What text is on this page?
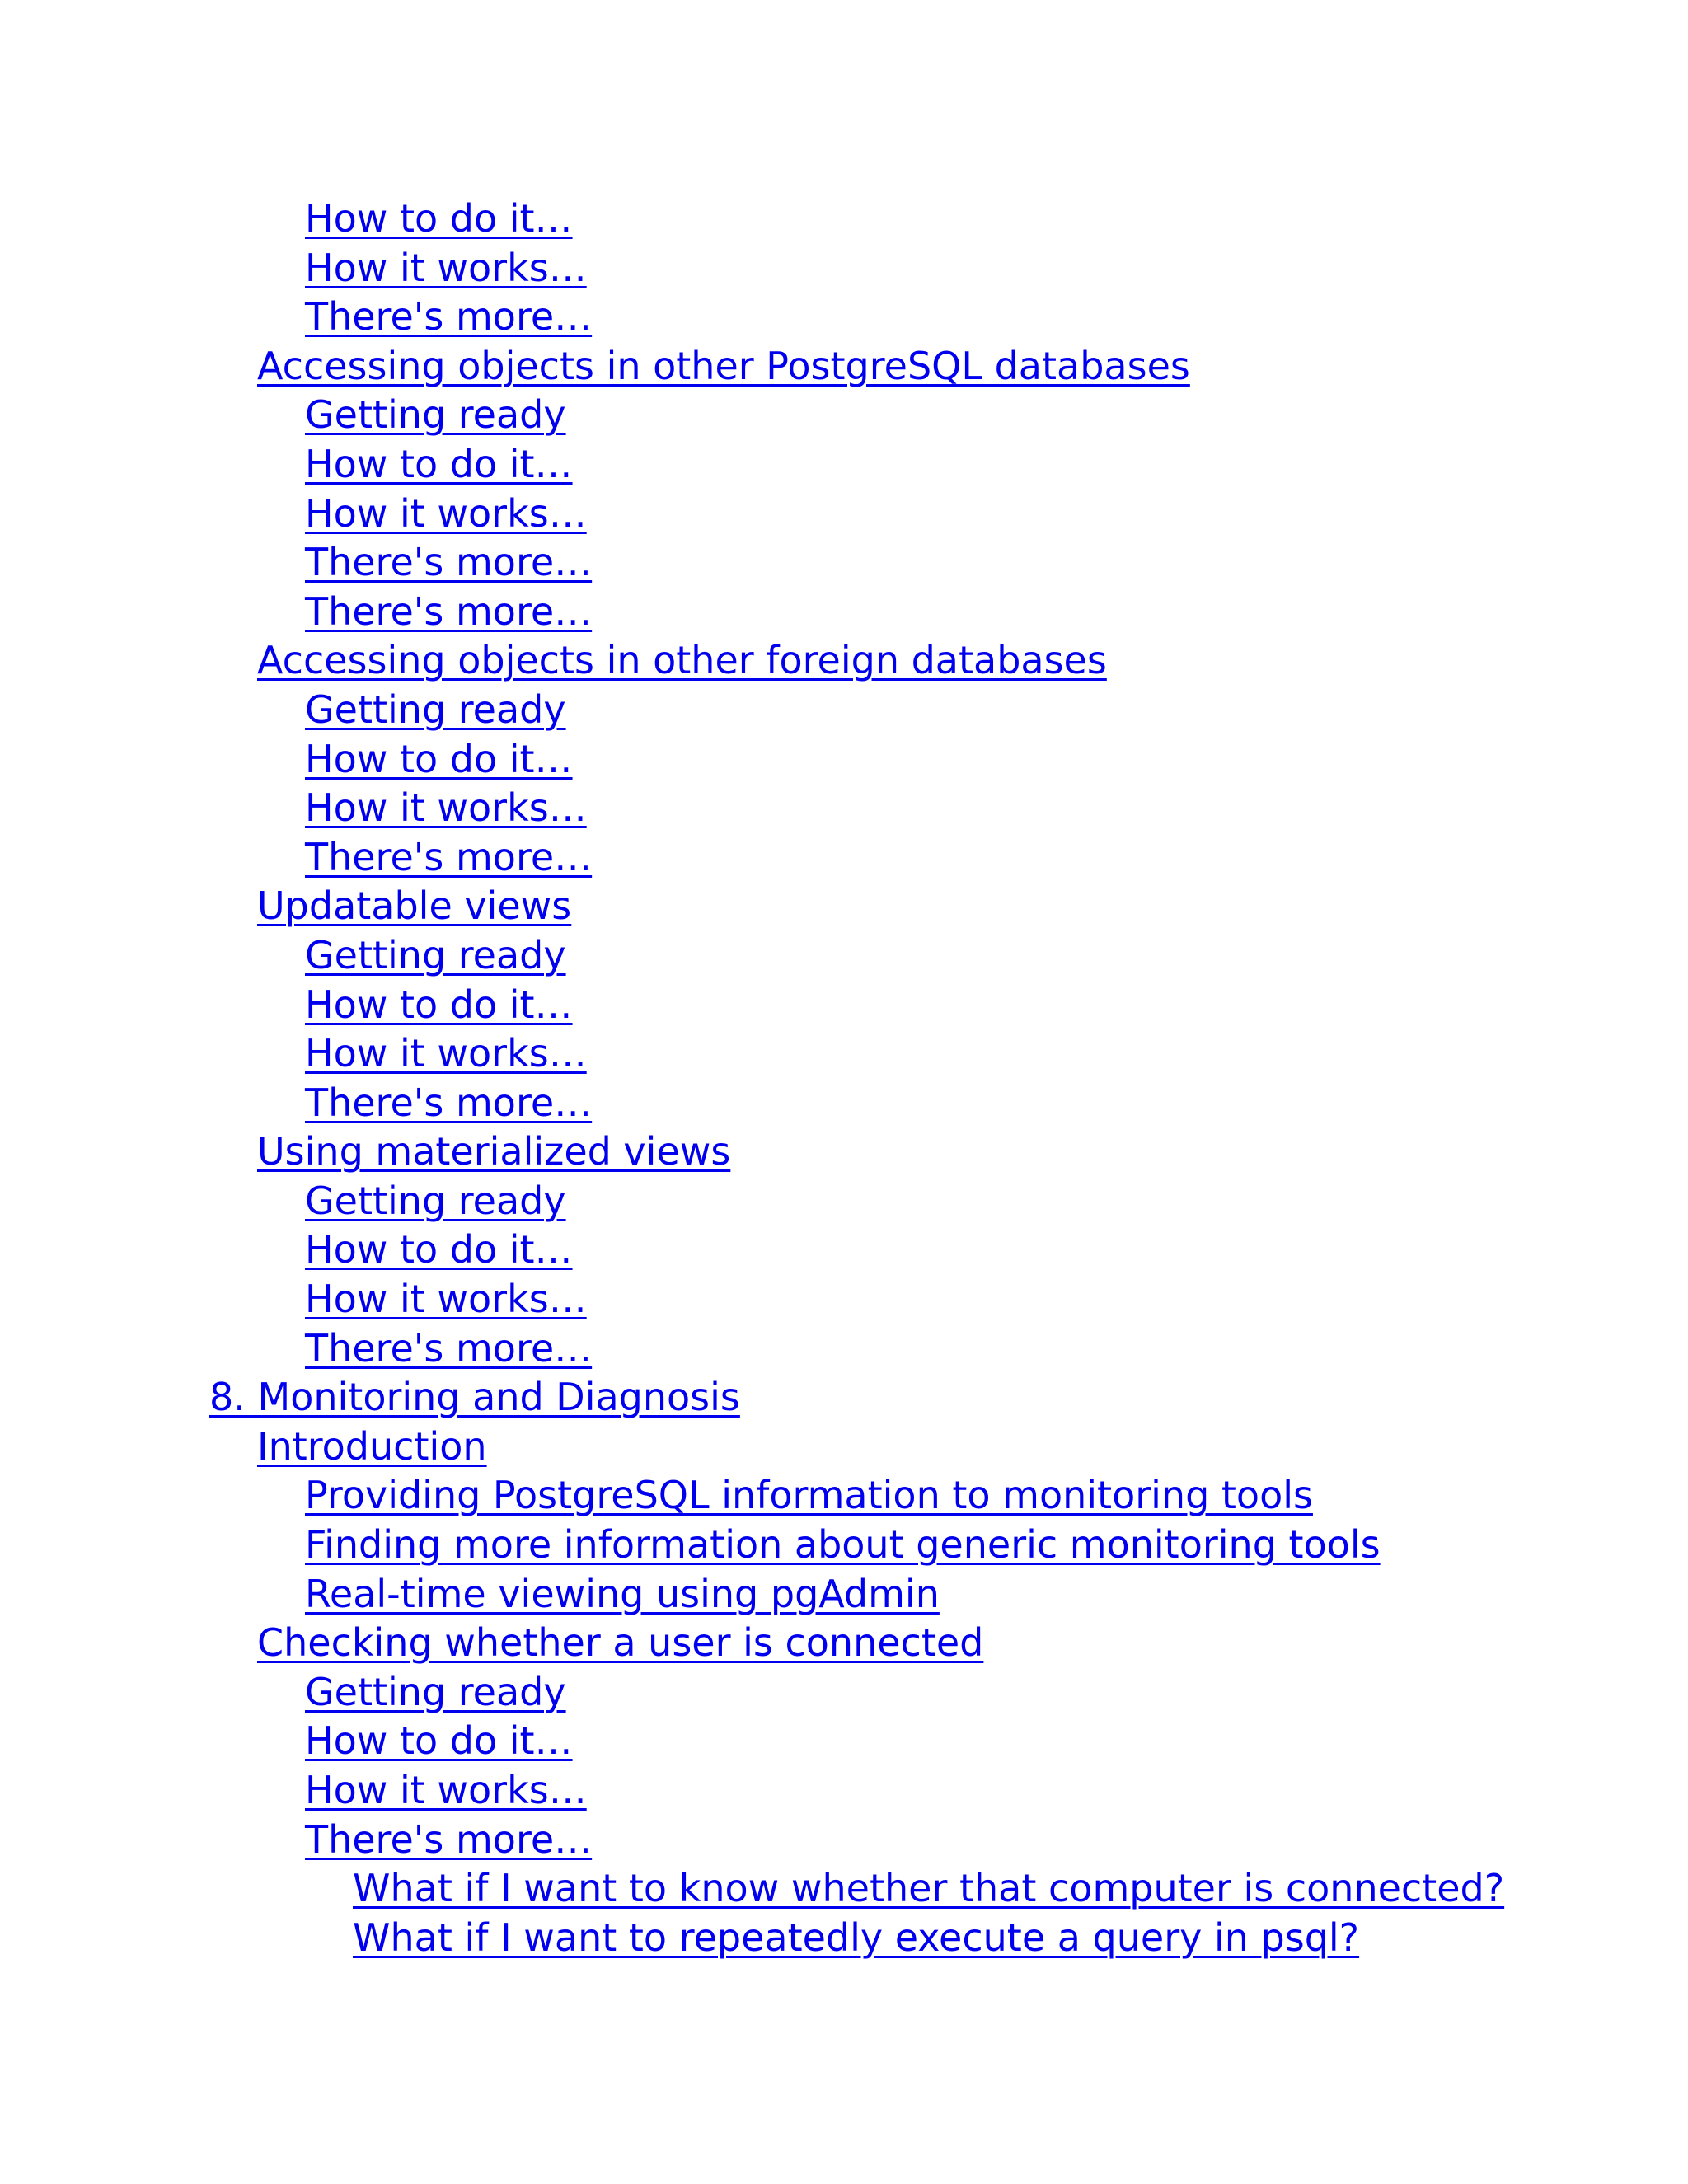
How to do it…
How it works…
There's more…
Accessing objects in other PostgreSQL databases
Getting ready
How to do it…
How it works…
There's more…
There's more…
Accessing objects in other foreign databases
Getting ready
How to do it…
How it works…
There's more…
Updatable views
Getting ready
How to do it…
How it works…
There's more…
Using materialized views
Getting ready
How to do it…
How it works…
There's more…
8. Monitoring and Diagnosis
Introduction
Providing PostgreSQL information to monitoring tools
Finding more information about generic monitoring tools
Real-time viewing using pgAdmin
Checking whether a user is connected
Getting ready
How to do it…
How it works…
There's more…
What if I want to know whether that computer is connected?
What if I want to repeatedly execute a query in psql?
